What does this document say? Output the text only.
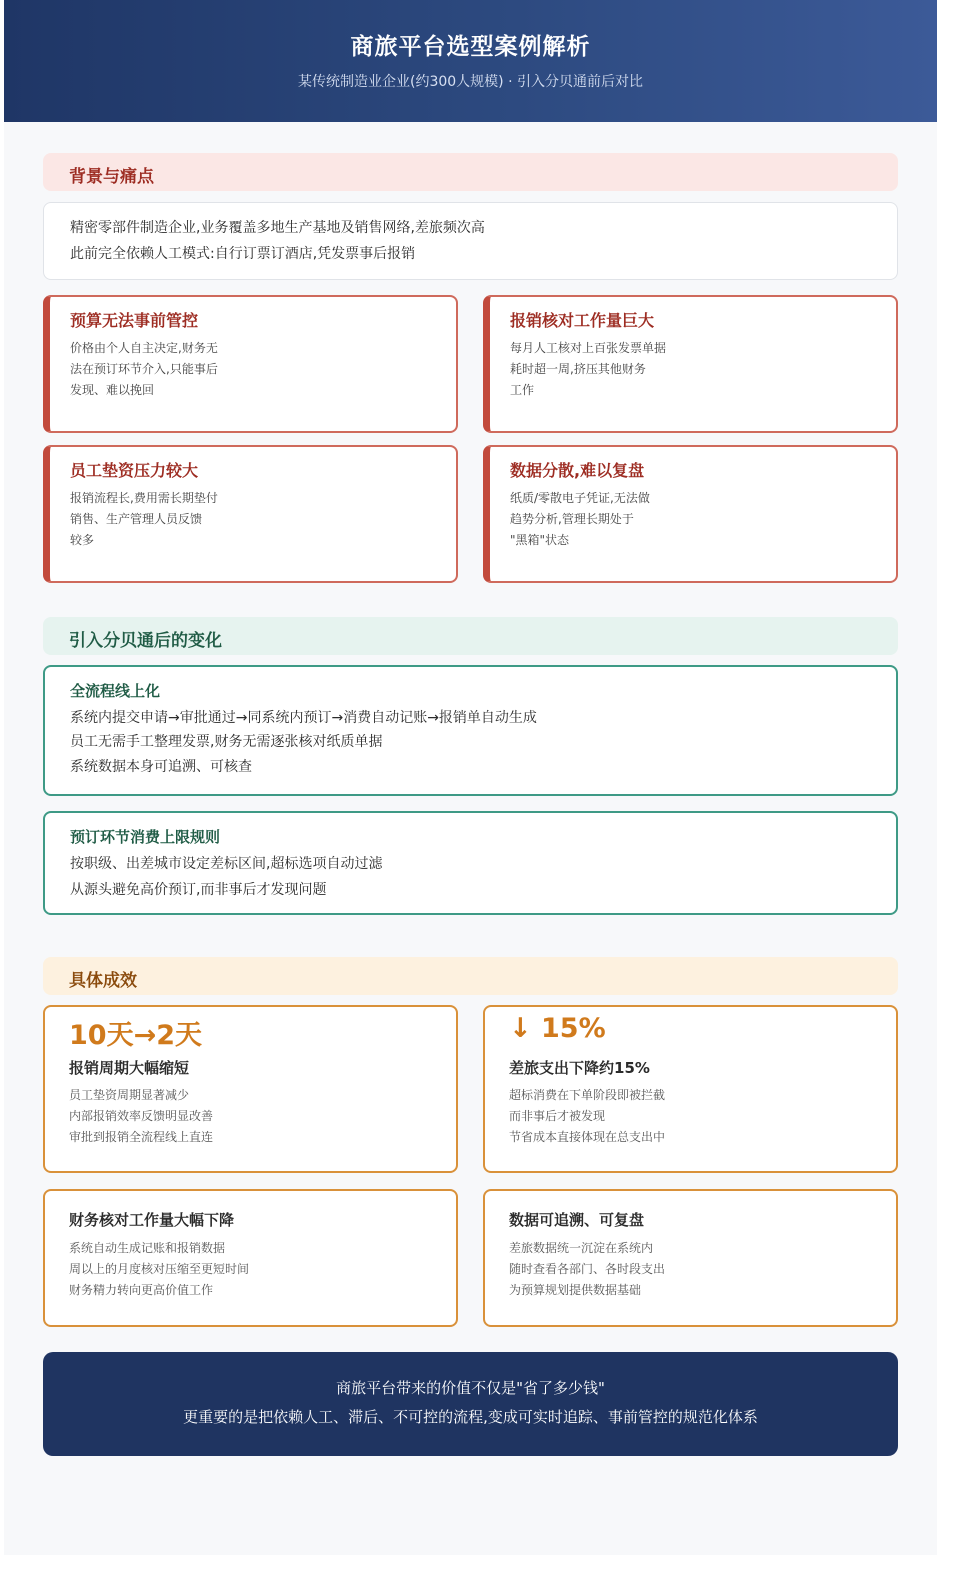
商旅平台选型案例解析
某传统制造业企业(约300人规模) · 引入分贝通前后对比
背景与痛点

精密零部件制造企业,业务覆盖多地生产基地及销售网络,差旅频次高

此前完全依赖人工模式:自行订票订酒店,凭发票事后报销

预算无法事前管控
价格由个人自主决定,财务无
法在预订环节介入,只能事后
发现、难以挽回
报销核对工作量巨大
每月人工核对上百张发票单据
耗时超一周,挤压其他财务
工作
员工垫资压力较大
报销流程长,费用需长期垫付
销售、生产管理人员反馈
较多
数据分散,难以复盘
纸质/零散电子凭证,无法做
趋势分析,管理长期处于
"黑箱"状态
引入分贝通后的变化
全流程线上化
系统内提交申请→审批通过→同系统内预订→消费自动记账→报销单自动生成
员工无需手工整理发票,财务无需逐张核对纸质单据
系统数据本身可追溯、可核查
预订环节消费上限规则
按职级、出差城市设定差标区间,超标选项自动过滤
从源头避免高价预订,而非事后才发现问题
具体成效
10天→2天
报销周期大幅缩短
员工垫资周期显著减少
内部报销效率反馈明显改善
审批到报销全流程线上直连
↓ 15%
差旅支出下降约15%
超标消费在下单阶段即被拦截
而非事后才被发现
节省成本直接体现在总支出中
财务核对工作量大幅下降
系统自动生成记账和报销数据
周以上的月度核对压缩至更短时间
财务精力转向更高价值工作
数据可追溯、可复盘
差旅数据统一沉淀在系统内
随时查看各部门、各时段支出
为预算规划提供数据基础

商旅平台带来的价值不仅是"省了多少钱"

更重要的是把依赖人工、滞后、不可控的流程,变成可实时追踪、事前管控的规范化体系
